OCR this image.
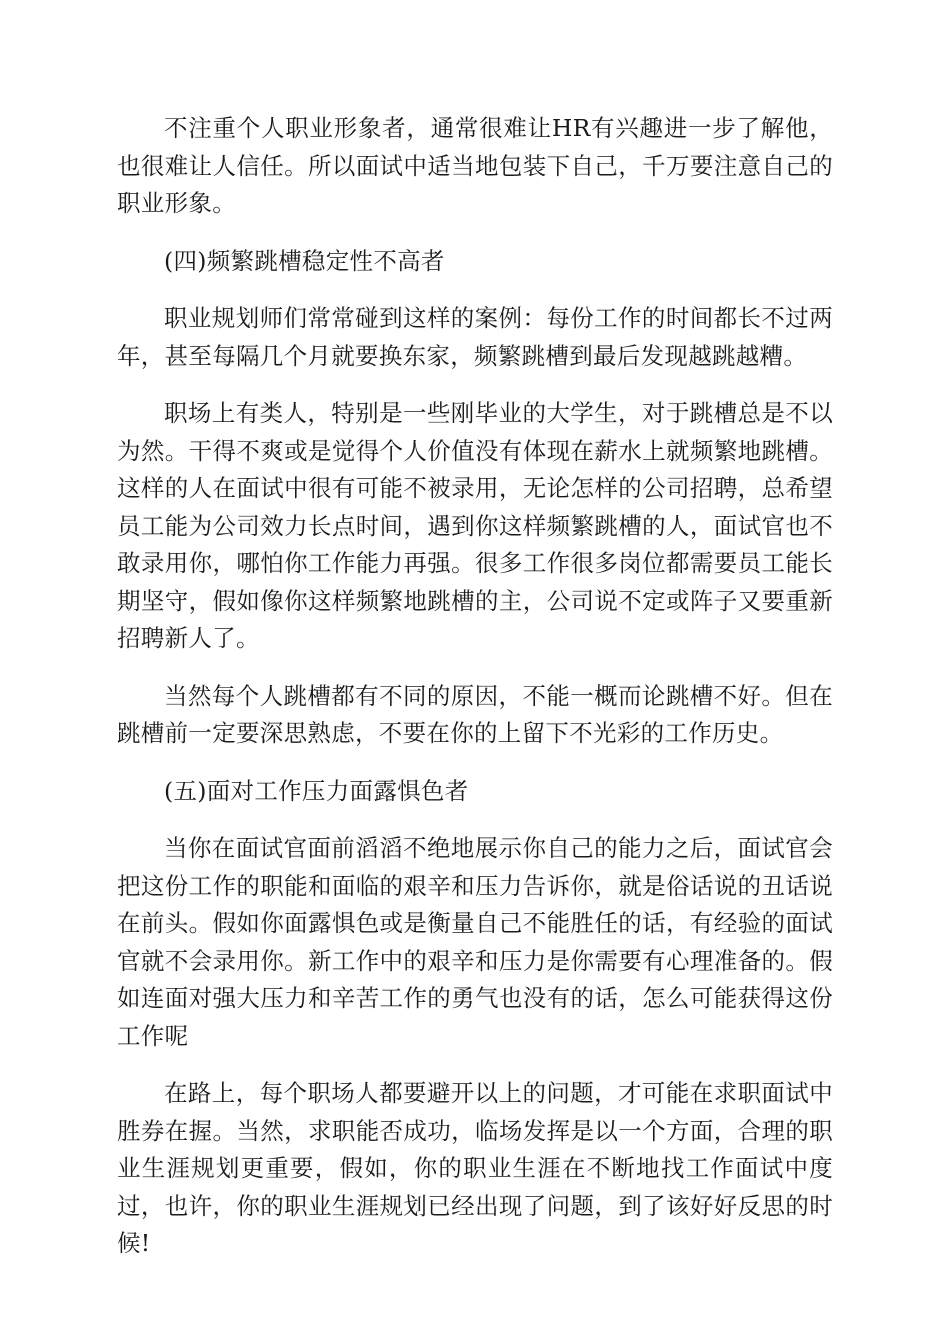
不注重个人职业形象者，通常很难让HR有兴趣进一步了解他，也很难让人信任。所以面试中适当地包装下自己，千万要注意自己的职业形象。

(四)频繁跳槽稳定性不高者

职业规划师们常常碰到这样的案例：每份工作的时间都长不过两年，甚至每隔几个月就要换东家，频繁跳槽到最后发现越跳越糟。

职场上有类人，特别是一些刚毕业的大学生，对于跳槽总是不以为然。干得不爽或是觉得个人价值没有体现在薪水上就频繁地跳槽。这样的人在面试中很有可能不被录用，无论怎样的公司招聘，总希望员工能为公司效力长点时间，遇到你这样频繁跳槽的人，面试官也不敢录用你，哪怕你工作能力再强。很多工作很多岗位都需要员工能长期坚守，假如像你这样频繁地跳槽的主，公司说不定或阵子又要重新招聘新人了。

当然每个人跳槽都有不同的原因，不能一概而论跳槽不好。但在跳槽前一定要深思熟虑，不要在你的上留下不光彩的工作历史。

(五)面对工作压力面露惧色者

当你在面试官面前滔滔不绝地展示你自己的能力之后，面试官会把这份工作的职能和面临的艰辛和压力告诉你，就是俗话说的丑话说在前头。假如你面露惧色或是衡量自己不能胜任的话，有经验的面试官就不会录用你。新工作中的艰辛和压力是你需要有心理准备的。假如连面对强大压力和辛苦工作的勇气也没有的话，怎么可能获得这份工作呢

在路上，每个职场人都要避开以上的问题，才可能在求职面试中胜券在握。当然，求职能否成功，临场发挥是以一个方面，合理的职业生涯规划更重要，假如，你的职业生涯在不断地找工作面试中度过，也许，你的职业生涯规划已经出现了问题，到了该好好反思的时候!
